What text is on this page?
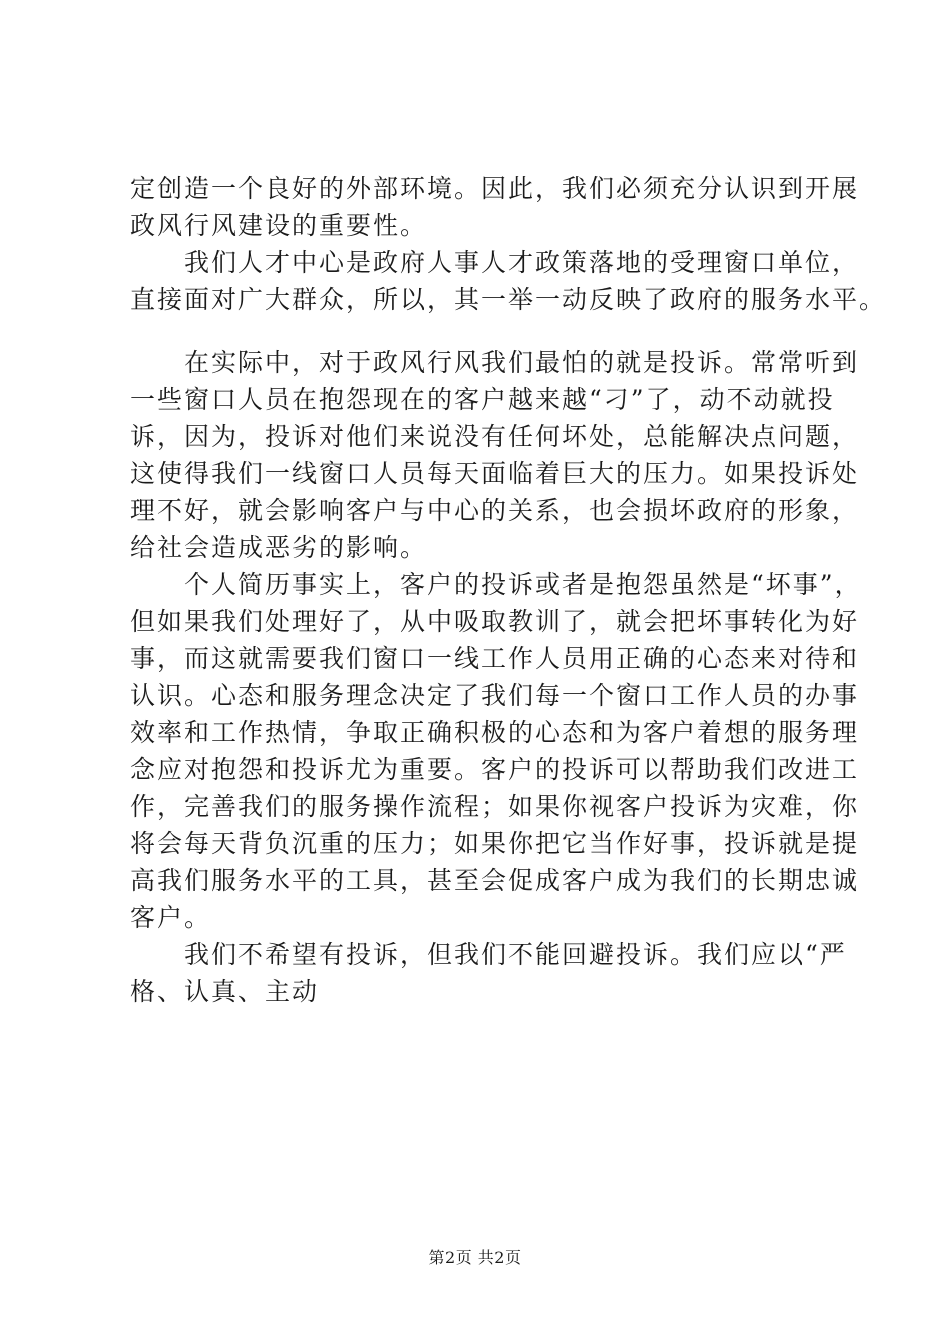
定创造一个良好的外部环境。因此，我们必须充分认识到开展
政风行风建设的重要性。
　　我们人才中心是政府人事人才政策落地的受理窗口单位，
直接面对广大群众，所以，其一举一动反映了政府的服务水平。
　　在实际中，对于政风行风我们最怕的就是投诉。常常听到
一些窗口人员在抱怨现在的客户越来越“刁”了，动不动就投
诉，因为，投诉对他们来说没有任何坏处，总能解决点问题，
这使得我们一线窗口人员每天面临着巨大的压力。如果投诉处
理不好，就会影响客户与中心的关系，也会损坏政府的形象，
给社会造成恶劣的影响。
　　个人简历事实上，客户的投诉或者是抱怨虽然是“坏事”，
但如果我们处理好了，从中吸取教训了，就会把坏事转化为好
事，而这就需要我们窗口一线工作人员用正确的心态来对待和
认识。心态和服务理念决定了我们每一个窗口工作人员的办事
效率和工作热情，争取正确积极的心态和为客户着想的服务理
念应对抱怨和投诉尤为重要。客户的投诉可以帮助我们改进工
作，完善我们的服务操作流程；如果你视客户投诉为灾难，你
将会每天背负沉重的压力；如果你把它当作好事，投诉就是提
高我们服务水平的工具，甚至会促成客户成为我们的长期忠诚
客户。
　　我们不希望有投诉，但我们不能回避投诉。我们应以“严
格、认真、主动
第2页 共2页
